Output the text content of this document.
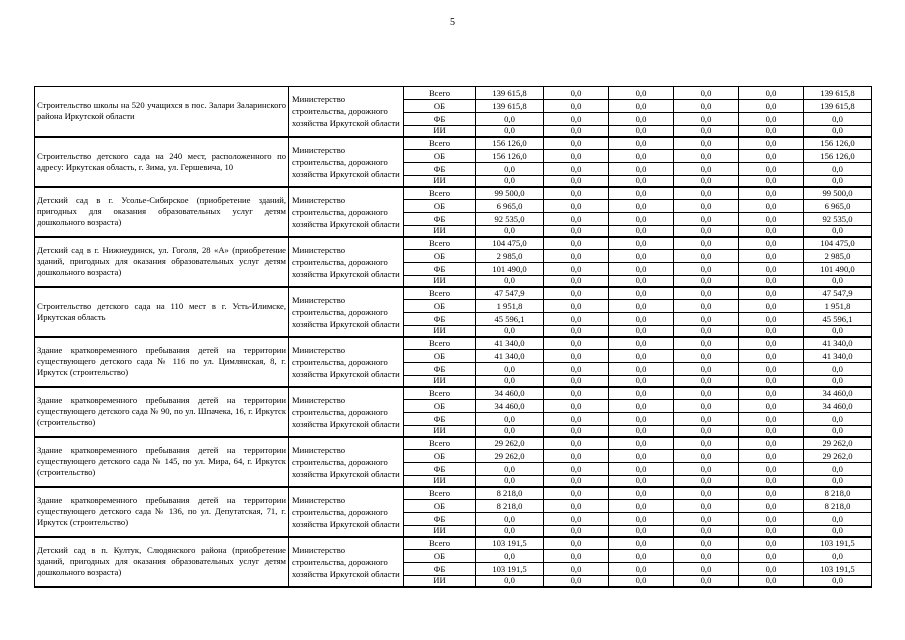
5
Строительство школы на 520 учащихся в пос. Залари Заларинского района Иркутской области	Министерство строительства, дорожного хозяйства Иркутской области	Всего	139 615,8	0,0	0,0	0,0	0,0	139 615,8
		ОБ	139 615,8	0,0	0,0	0,0	0,0	139 615,8
		ФБ	0,0	0,0	0,0	0,0	0,0	0,0
		ИИ	0,0	0,0	0,0	0,0	0,0	0,0
Строительство детского сада на 240 мест, расположенного по адресу: Иркутская область, г. Зима, ул. Гершевича, 10	Министерство строительства, дорожного хозяйства Иркутской области	Всего	156 126,0	0,0	0,0	0,0	0,0	156 126,0
		ОБ	156 126,0	0,0	0,0	0,0	0,0	156 126,0
		ФБ	0,0	0,0	0,0	0,0	0,0	0,0
		ИИ	0,0	0,0	0,0	0,0	0,0	0,0
Детский сад в г. Усолье-Сибирское (приобретение зданий, пригодных для оказания образовательных услуг детям дошкольного возраста)	Министерство строительства, дорожного хозяйства Иркутской области	Всего	99 500,0	0,0	0,0	0,0	0,0	99 500,0
		ОБ	6 965,0	0,0	0,0	0,0	0,0	6 965,0
		ФБ	92 535,0	0,0	0,0	0,0	0,0	92 535,0
		ИИ	0,0	0,0	0,0	0,0	0,0	0,0
Детский сад в г. Нижнеудинск, ул. Гоголя, 28 «А» (приобретение зданий, пригодных для оказания образовательных услуг детям дошкольного возраста)	Министерство строительства, дорожного хозяйства Иркутской области	Всего	104 475,0	0,0	0,0	0,0	0,0	104 475,0
		ОБ	2 985,0	0,0	0,0	0,0	0,0	2 985,0
		ФБ	101 490,0	0,0	0,0	0,0	0,0	101 490,0
		ИИ	0,0	0,0	0,0	0,0	0,0	0,0
Строительство детского сада на 110 мест в г. Усть-Илимске, Иркутская область	Министерство строительства, дорожного хозяйства Иркутской области	Всего	47 547,9	0,0	0,0	0,0	0,0	47 547,9
		ОБ	1 951,8	0,0	0,0	0,0	0,0	1 951,8
		ФБ	45 596,1	0,0	0,0	0,0	0,0	45 596,1
		ИИ	0,0	0,0	0,0	0,0	0,0	0,0
Здание кратковременного пребывания детей на территории существующего детского сада № 116 по ул. Цимлянская, 8, г. Иркутск (строительство)	Министерство строительства, дорожного хозяйства Иркутской области	Всего	41 340,0	0,0	0,0	0,0	0,0	41 340,0
		ОБ	41 340,0	0,0	0,0	0,0	0,0	41 340,0
		ФБ	0,0	0,0	0,0	0,0	0,0	0,0
		ИИ	0,0	0,0	0,0	0,0	0,0	0,0
Здание кратковременного пребывания детей на территории существующего детского сада № 90, по ул. Шпачека, 16, г. Иркутск (строительство)	Министерство строительства, дорожного хозяйства Иркутской области	Всего	34 460,0	0,0	0,0	0,0	0,0	34 460,0
		ОБ	34 460,0	0,0	0,0	0,0	0,0	34 460,0
		ФБ	0,0	0,0	0,0	0,0	0,0	0,0
		ИИ	0,0	0,0	0,0	0,0	0,0	0,0
Здание кратковременного пребывания детей на территории существующего детского сада № 145, по ул. Мира, 64, г. Иркутск (строительство)	Министерство строительства, дорожного хозяйства Иркутской области	Всего	29 262,0	0,0	0,0	0,0	0,0	29 262,0
		ОБ	29 262,0	0,0	0,0	0,0	0,0	29 262,0
		ФБ	0,0	0,0	0,0	0,0	0,0	0,0
		ИИ	0,0	0,0	0,0	0,0	0,0	0,0
Здание кратковременного пребывания детей на территории существующего детского сада № 136, по ул. Депутатская, 71, г. Иркутск (строительство)	Министерство строительства, дорожного хозяйства Иркутской области	Всего	8 218,0	0,0	0,0	0,0	0,0	8 218,0
		ОБ	8 218,0	0,0	0,0	0,0	0,0	8 218,0
		ФБ	0,0	0,0	0,0	0,0	0,0	0,0
		ИИ	0,0	0,0	0,0	0,0	0,0	0,0
Детский сад в п. Култук, Слюдянского района (приобретение зданий, пригодных для оказания образовательных услуг детям дошкольного возраста)	Министерство строительства, дорожного хозяйства Иркутской области	Всего	103 191,5	0,0	0,0	0,0	0,0	103 191,5
		ОБ	0,0	0,0	0,0	0,0	0,0	0,0
		ФБ	103 191,5	0,0	0,0	0,0	0,0	103 191,5
		ИИ	0,0	0,0	0,0	0,0	0,0	0,0
